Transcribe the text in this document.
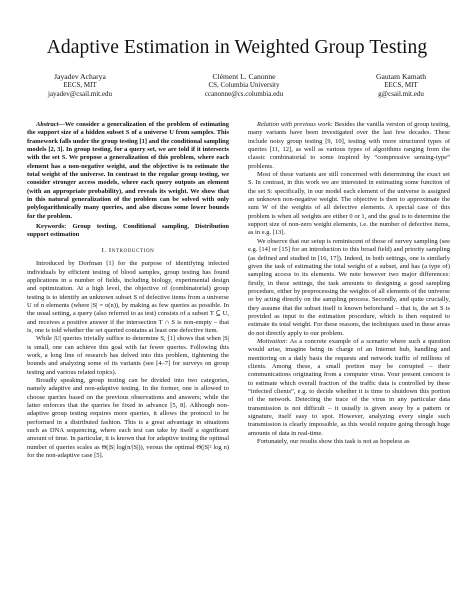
Adaptive Estimation in Weighted Group Testing
Jayadev Acharya
EECS, MIT
jayadev@csail.mit.edu
Clément L. Canonne
CS, Columbia University
ccanonne@cs.columbia.edu
Gautam Kamath
EECS, MIT
g@csail.mit.edu

Abstract—We consider a generalization of the problem of estimating the support size of a hidden subset S of a universe U from samples. This framework falls under the group testing [1] and the conditional sampling models [2, 3]. In group testing, for a query set, we are told if it intersects with the set S. We propose a generalization of this problem, where each element has a non-negative weight, and the objective is to estimate the total weight of the universe. In contrast to the regular group testing, we consider stronger access models, where each query outputs an element (with an appropriate probability), and reveals its weight. We show that in this natural generalization of the problem can be solved with only polylogarithmically many queries, and also discuss some lower bounds for the problem.

Keywords: Group testing, Conditional sampling, Distribution support estimation

I. Introduction

Introduced by Dorfman [1] for the purpose of identifying infected individuals by efficient testing of blood samples, group testing has found applications in a number of fields, including biology, experimental design and optimization. At a high level, the objective of (combinatorial) group testing is to identify an unknown subset S of defective items from a universe U of n elements (where |S| = o(n)), by making as few queries as possible. In the usual setting, a query (also referred to as test) consists of a subset T ⊆ U, and receives a positive answer if the intersection T ∩ S is non-empty – that is, one is told whether the set queried contains at least one defective item.

While |U| queries trivially suffice to determine S, [1] shows that when |S| is small, one can achieve this goal with far fewer queries. Following this work, a long line of research has delved into this problem, tightening the bounds and analyzing some of its variants (see [4–7] for surveys on group testing and various related topics).

Broadly speaking, group testing can be divided into two categories, namely adaptive and non-adaptive testing. In the former, one is allowed to choose queries based on the previous observations and answers; while the latter enforces that the queries be fixed in advance [5, 8]. Although non-adaptive group testing requires more queries, it allows the protocol to be performed in a distributed fashion. This is a great advantage in situations such as DNA sequencing, where each test can take by itself a significant amount of time. In particular, it is known that for adaptive testing the optimal number of queries scales as Θ(|S| log(n/|S|)), versus the optimal Θ(|S|² log n) for the non-adaptive case [5].

Relation with previous work: Besides the vanilla version of group testing, many variants have been investigated over the last few decades. These include noisy group testing [9, 10], testing with more structured types of queries [11, 12], as well as various types of algorithms ranging from the classic combinatorial to some inspired by “compressive sensing-type” problems.

Most of these variants are still concerned with determining the exact set S. In contrast, in this work we are interested in estimating some function of the set S: specifically, in our model each element of the universe is assigned an unknown non-negative weight. The objective is then to approximate the sum W of the weights of all defective elements. A special case of this problem is when all weights are either 0 or 1, and the goal is to determine the support size of non-zero weight elements, i.e. the number of defective items, as in e.g. [13].

We observe that our setup is reminiscent of those of survey sampling (see e.g. [14] or [15] for an introduction to this broad field) and priority sampling (as defined and studied in [16, 17]). Indeed, in both settings, one is similarly given the task of estimating the total weight of a subset, and has (a type of) sampling access to its elements. We note however two major differences: firstly, in these settings, the task amounts to designing a good sampling procedure, either by preprocessing the weights of all elements of the universe or by acting directly on the sampling process. Secondly, and quite crucially, they assume that the subset itself is known beforehand – that is, the set S is provided as input to the estimation procedure, which is then required to estimate its total weight. For these reasons, the techniques used in these areas do not directly apply to our problem.

Motivation: As a concrete example of a scenario where such a question would arise, imagine being in charge of an Internet hub, handling and monitoring on a daily basis the requests and network traffic of millions of clients. Among these, a small portion may be corrupted – their communications originating from a computer virus. Your present concern is to estimate which overall fraction of the traffic data is controlled by these “infected clients”, e.g. to decide whether it is time to shutdown this portion of the network. Detecting the trace of the virus in any particular data transmission is not difficult – it usually is given away by a pattern or signature, itself easy to spot. However, analyzing every single such transmission is clearly impossible, as this would require going through huge amounts of data in real-time.

Fortunately, our results show this task is not as hopeless as
